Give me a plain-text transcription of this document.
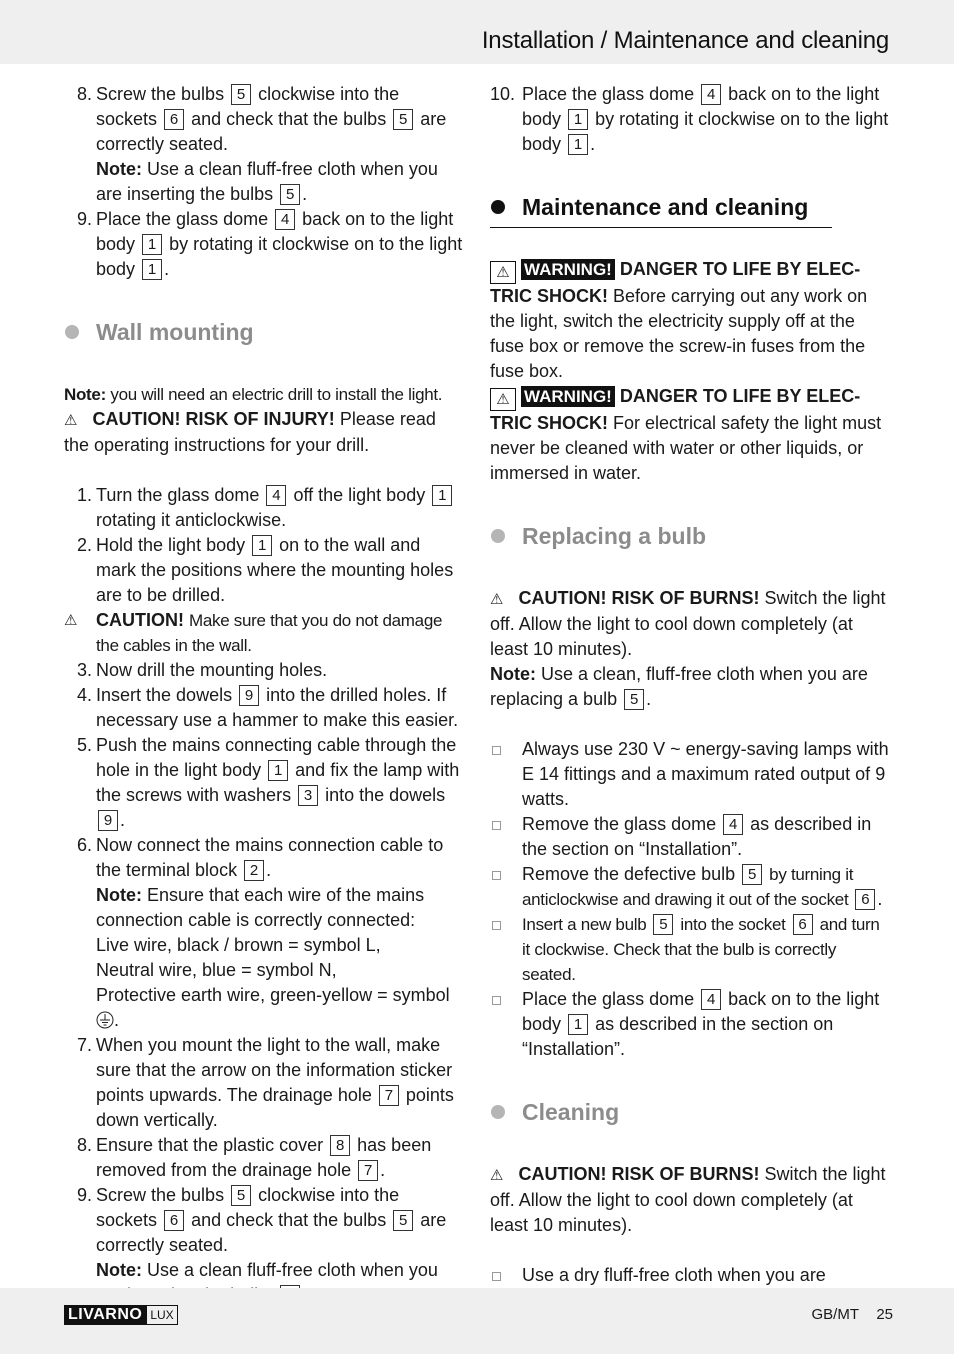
Installation / Maintenance and cleaning
8. Screw the bulbs 5 clockwise into the sockets 6 and check that the bulbs 5 are correctly seated.
Note: Use a clean fluff-free cloth when you are inserting the bulbs 5 .
9. Place the glass dome 4 back on to the light body 1 by rotating it clockwise on to the light body 1 .
Wall mounting

Note: you will need an electric drill to install the light.

⚠ CAUTION! RISK OF INJURY! Please read the operating instructions for your drill.

1. Turn the glass dome 4 off the light body 1 rotating it anticlockwise.
2. Hold the light body 1 on to the wall and mark the positions where the mounting holes are to be drilled.
⚠	CAUTION! Make sure that you do not damage the cables in the wall.
3. Now drill the mounting holes.
4. Insert the dowels 9 into the drilled holes. If necessary use a hammer to make this easier.
5. Push the mains connecting cable through the hole in the light body 1 and fix the lamp with the screws with washers 3 into the dowels 9 .
6. Now connect the mains connection cable to the terminal block 2 .
Note: Ensure that each wire of the mains connection cable is correctly connected:
Live wire, black / brown = symbol L,
Neutral wire, blue = symbol N,
Protective earth wire, green-yellow = symbol .
7. When you mount the light to the wall, make sure that the arrow on the information sticker points upwards. The drainage hole 7 points down vertically.
8. Ensure that the plastic cover 8 has been removed from the drainage hole 7 .
9. Screw the bulbs 5 clockwise into the sockets 6 and check that the bulbs 5 are correctly seated.
Note: Use a clean fluff-free cloth when you
10. Place the glass dome 4 back on to the light body 1 by rotating it clockwise on to the light body 1 .
Maintenance and cleaning

⚠ WARNING! DANGER TO LIFE BY ELEC-TRIC SHOCK! Before carrying out any work on the light, switch the electricity supply off at the fuse box or remove the screw-in fuses from the fuse box.

⚠ WARNING! DANGER TO LIFE BY ELEC-TRIC SHOCK! For electrical safety the light must never be cleaned with water or other liquids, or immersed in water.

Replacing a bulb

⚠ CAUTION! RISK OF BURNS! Switch the light off. Allow the light to cool down completely (at least 10 minutes).

Note: Use a clean, fluff-free cloth when you are replacing a bulb 5 .

Always use 230 V ~ energy-saving lamps with E 14 fittings and a maximum rated output of 9 watts.
Remove the glass dome 4 as described in the section on “Installation”.
Remove the defective bulb 5 by turning it anticlockwise and drawing it out of the socket 6 .
Insert a new bulb 5 into the socket 6 and turn it clockwise. Check that the bulb is correctly seated.
Place the glass dome 4 back on to the light body 1 as described in the section on “Installation”.
Cleaning

⚠ CAUTION! RISK OF BURNS! Switch the light off. Allow the light to cool down completely (at least 10 minutes).

Use a dry fluff-free cloth when you are
LIVARNO LUX	GB/MT 25
